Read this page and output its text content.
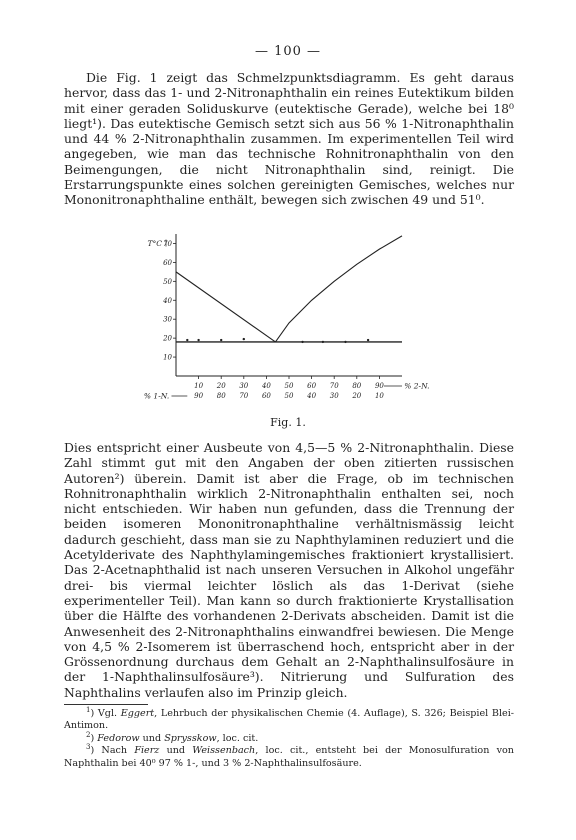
— 100 —

Die Fig. 1 zeigt das Schmelzpunktsdiagramm. Es geht daraus hervor, dass das 1- und 2-Nitronaphthalin ein reines Eutektikum bilden mit einer geraden Soliduskurve (eutektische Gerade), welche bei 18⁰ liegt¹). Das eutektische Gemisch setzt sich aus 56 % 1-Nitronaphthalin und 44 % 2-Nitronaphthalin zusammen. Im experimentellen Teil wird angegeben, wie man das technische Rohnitronaphthalin von den Beimengungen, die nicht Nitronaphthalin sind, reinigt. Die Erstarrungspunkte eines solchen gereinigten Gemisches, welches nur Mononitronaphthaline enthält, bewegen sich zwischen 49 und 51⁰.

70
60
50
40
30
20
10
T°C
10
90
20
80
30
70
40
60
50
50
60
40
70
30
80
20
90
10
% 2-N.
% 1-N.
Fig. 1.

Dies entspricht einer Ausbeute von 4,5—5 % 2-Nitronaphthalin. Diese Zahl stimmt gut mit den Angaben der oben zitierten russischen Autoren²) überein. Damit ist aber die Frage, ob im technischen Rohnitronaphthalin wirklich 2-Nitronaphthalin enthalten sei, noch nicht entschieden. Wir haben nun gefunden, dass die Trennung der beiden isomeren Mononitronaphthaline verhältnismässig leicht dadurch geschieht, dass man sie zu Naphthylaminen reduziert und die Acetylderivate des Naphthylamingemisches fraktioniert krystallisiert. Das 2-Acetnaphthalid ist nach unseren Versuchen in Alkohol ungefähr drei- bis viermal leichter löslich als das 1-Derivat (siehe experimenteller Teil). Man kann so durch fraktionierte Krystallisation über die Hälfte des vorhandenen 2-Derivats abscheiden. Damit ist die Anwesenheit des 2-Nitronaphthalins einwandfrei bewiesen. Die Menge von 4,5 % 2-Isomerem ist überraschend hoch, entspricht aber in der Grössenordnung durchaus dem Gehalt an 2-Naphthalinsulfosäure in der 1-Naphthalinsulfosäure³). Nitrierung und Sulfuration des Naphthalins verlaufen also im Prinzip gleich.

$^1$) Vgl. Eggert, Lehrbuch der physikalischen Chemie (4. Auflage), S. 326; Beispiel Blei-Antimon.

$^2$) Fedorow und Sprysskow, loc. cit.

$^3$) Nach Fierz und Weissenbach, loc. cit., entsteht bei der Monosulfuration von Naphthalin bei 40⁰ 97 % 1-, und 3 % 2-Naphthalinsulfosäure.
